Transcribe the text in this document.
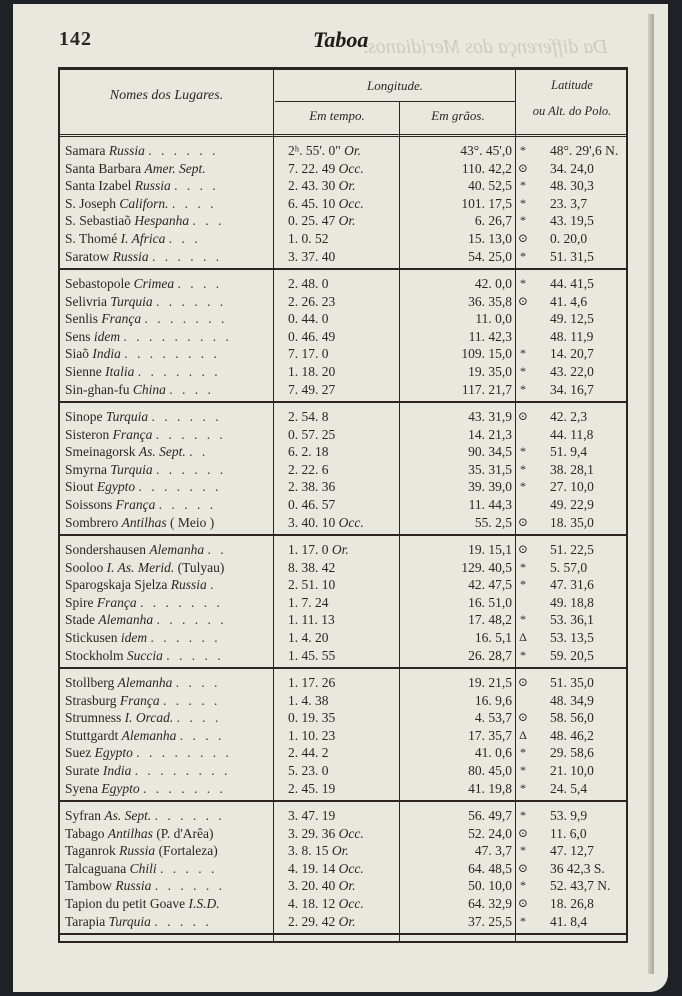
Da differença dos Meridianos.
142	Taboa
Nomes dos Lugares.
Longitude.
Em tempo.	Em grãos.
Latitude
ou Alt. do Polo.
Samara Russia . . . . . .	2ʰ. 55'. 0" Or.	43°. 45',0 * 48°. 29',6 N.
Santa Barbara Amer. Sept.	7. 22. 49 Occ.	110. 42,2 ⊙ 34. 24,0
Santa Izabel Russia . . . .	2. 43. 30 Or.	40. 52,5 * 48. 30,3
S. Joseph Californ. . . . .	6. 45. 10 Occ.	101. 17,5 * 23. 3,7
S. Sebastiaõ Hespanha . . .	0. 25. 47 Or.	6. 26,7 * 43. 19,5
S. Thomé I. Africa . . .	1. 0. 52	15. 13,0 ⊙ 0. 20,0
Saratow Russia . . . . . .	3. 37. 40	54. 25,0 * 51. 31,5
Sebastopole Crimea . . . .	2. 48. 0	42. 0,0 * 44. 41,5
Selivria Turquia . . . . . .	2. 26. 23	36. 35,8 ⊙ 41. 4,6
Senlis França . . . . . . .	0. 44. 0	11. 0,0	49. 12,5
Sens idem . . . . . . . . .	0. 46. 49	11. 42,3	48. 11,9
Siaõ India . . . . . . . .	7. 17. 0	109. 15,0 * 14. 20,7
Sienne Italia . . . . . . .	1. 18. 20	19. 35,0 * 43. 22,0
Sin-ghan-fu China . . . .	7. 49. 27	117. 21,7 * 34. 16,7
Sinope Turquia . . . . . .	2. 54. 8	43. 31,9 ⊙ 42. 2,3
Sisteron França . . . . . .	0. 57. 25	14. 21,3	44. 11,8
Smeinagorsk As. Sept. . .	6. 2. 18	90. 34,5 * 51. 9,4
Smyrna Turquia . . . . . .	2. 22. 6	35. 31,5 * 38. 28,1
Siout Egypto . . . . . . .	2. 38. 36	39. 39,0 * 27. 10,0
Soissons França . . . . .	0. 46. 57	11. 44,3	49. 22,9
Sombrero Antilhas ( Meio )	3. 40. 10 Occ.	55. 2,5 ⊙ 18. 35,0
Sondershausen Alemanha . .	1. 17. 0 Or.	19. 15,1 ⊙ 51. 22,5
Sooloo I. As. Merid. (Tulyau)	8. 38. 42	129. 40,5 * 5. 57,0
Sparogskaja Sjelza Russia .	2. 51. 10	42. 47,5 * 47. 31,6
Spire França . . . . . . .	1. 7. 24	16. 51,0	49. 18,8
Stade Alemanha . . . . . .	1. 11. 13	17. 48,2 * 53. 36,1
Stickusen idem . . . . . .	1. 4. 20	16. 5,1 Δ 53. 13,5
Stockholm Succia . . . . .	1. 45. 55	26. 28,7 * 59. 20,5
Stollberg Alemanha . . . .	1. 17. 26	19. 21,5 ⊙ 51. 35,0
Strasburg França . . . . .	1. 4. 38	16. 9,6	48. 34,9
Strumness I. Orcad. . . . .	0. 19. 35	4. 53,7 ⊙ 58. 56,0
Stuttgardt Alemanha . . . .	1. 10. 23	17. 35,7 Δ 48. 46,2
Suez Egypto . . . . . . . .	2. 44. 2	41. 0,6 * 29. 58,6
Surate India . . . . . . . .	5. 23. 0	80. 45,0 * 21. 10,0
Syena Egypto . . . . . . .	2. 45. 19	41. 19,8 * 24. 5,4
Syfran As. Sept. . . . . . .	3. 47. 19	56. 49,7 * 53. 9,9
Tabago Antilhas (P. d'Arêa)	3. 29. 36 Occ.	52. 24,0 ⊙ 11. 6,0
Taganrok Russia (Fortaleza)	3. 8. 15 Or.	47. 3,7 * 47. 12,7
Talcaguana Chili . . . . .	4. 19. 14 Occ.	64. 48,5 ⊙ 36 42,3 S.
Tambow Russia . . . . . .	3. 20. 40 Or.	50. 10,0 * 52. 43,7 N.
Tapion du petit Goave I.S.D.	4. 18. 12 Occ.	64. 32,9 ⊙ 18. 26,8
Tarapia Turquia . . . . .	2. 29. 42 Or.	37. 25,5 * 41. 8,4
